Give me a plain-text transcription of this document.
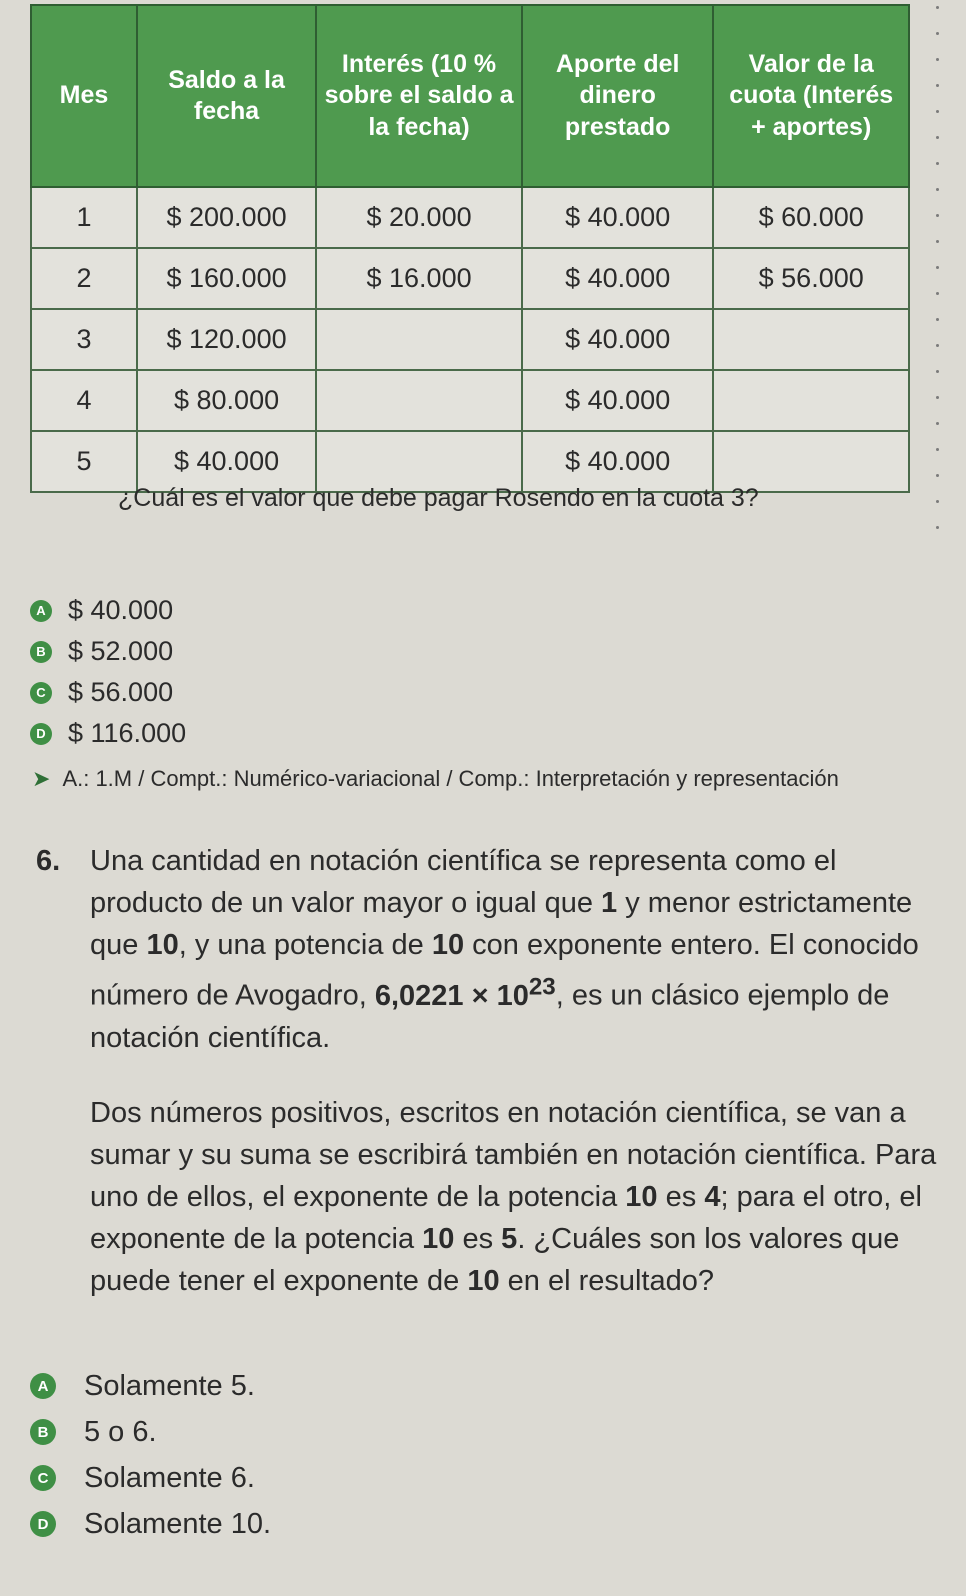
Mes	Saldo a la fecha	Interés (10 % sobre el saldo a la fecha)	Aporte del dinero prestado	Valor de la cuota (Interés + aportes)
1	$ 200.000	$ 20.000	$ 40.000	$ 60.000
2	$ 160.000	$ 16.000	$ 40.000	$ 56.000
3	$ 120.000		$ 40.000	
4	$ 80.000		$ 40.000	
5	$ 40.000		$ 40.000	

¿Cuál es el valor que debe pagar Rosendo en la cuota 3?

A $ 40.000
B $ 52.000
C $ 56.000
D $ 116.000
➤ A.: 1.M / Compt.: Numérico-variacional / Comp.: Interpretación y representación
6. Una cantidad en notación científica se representa como el producto de un valor mayor o igual que 1 y menor estrictamente que 10, y una potencia de 10 con exponente entero. El conocido número de Avogadro, $6,0221 \times 10^{23}$, es un clásico ejemplo de notación científica.

Dos números positivos, escritos en notación científica, se van a sumar y su suma se escribirá también en notación científica. Para uno de ellos, el exponente de la potencia 10 es 4; para el otro, el exponente de la potencia 10 es 5. ¿Cuáles son los valores que puede tener el exponente de 10 en el resultado?

A Solamente 5.
B 5 o 6.
C Solamente 6.
D Solamente 10.
